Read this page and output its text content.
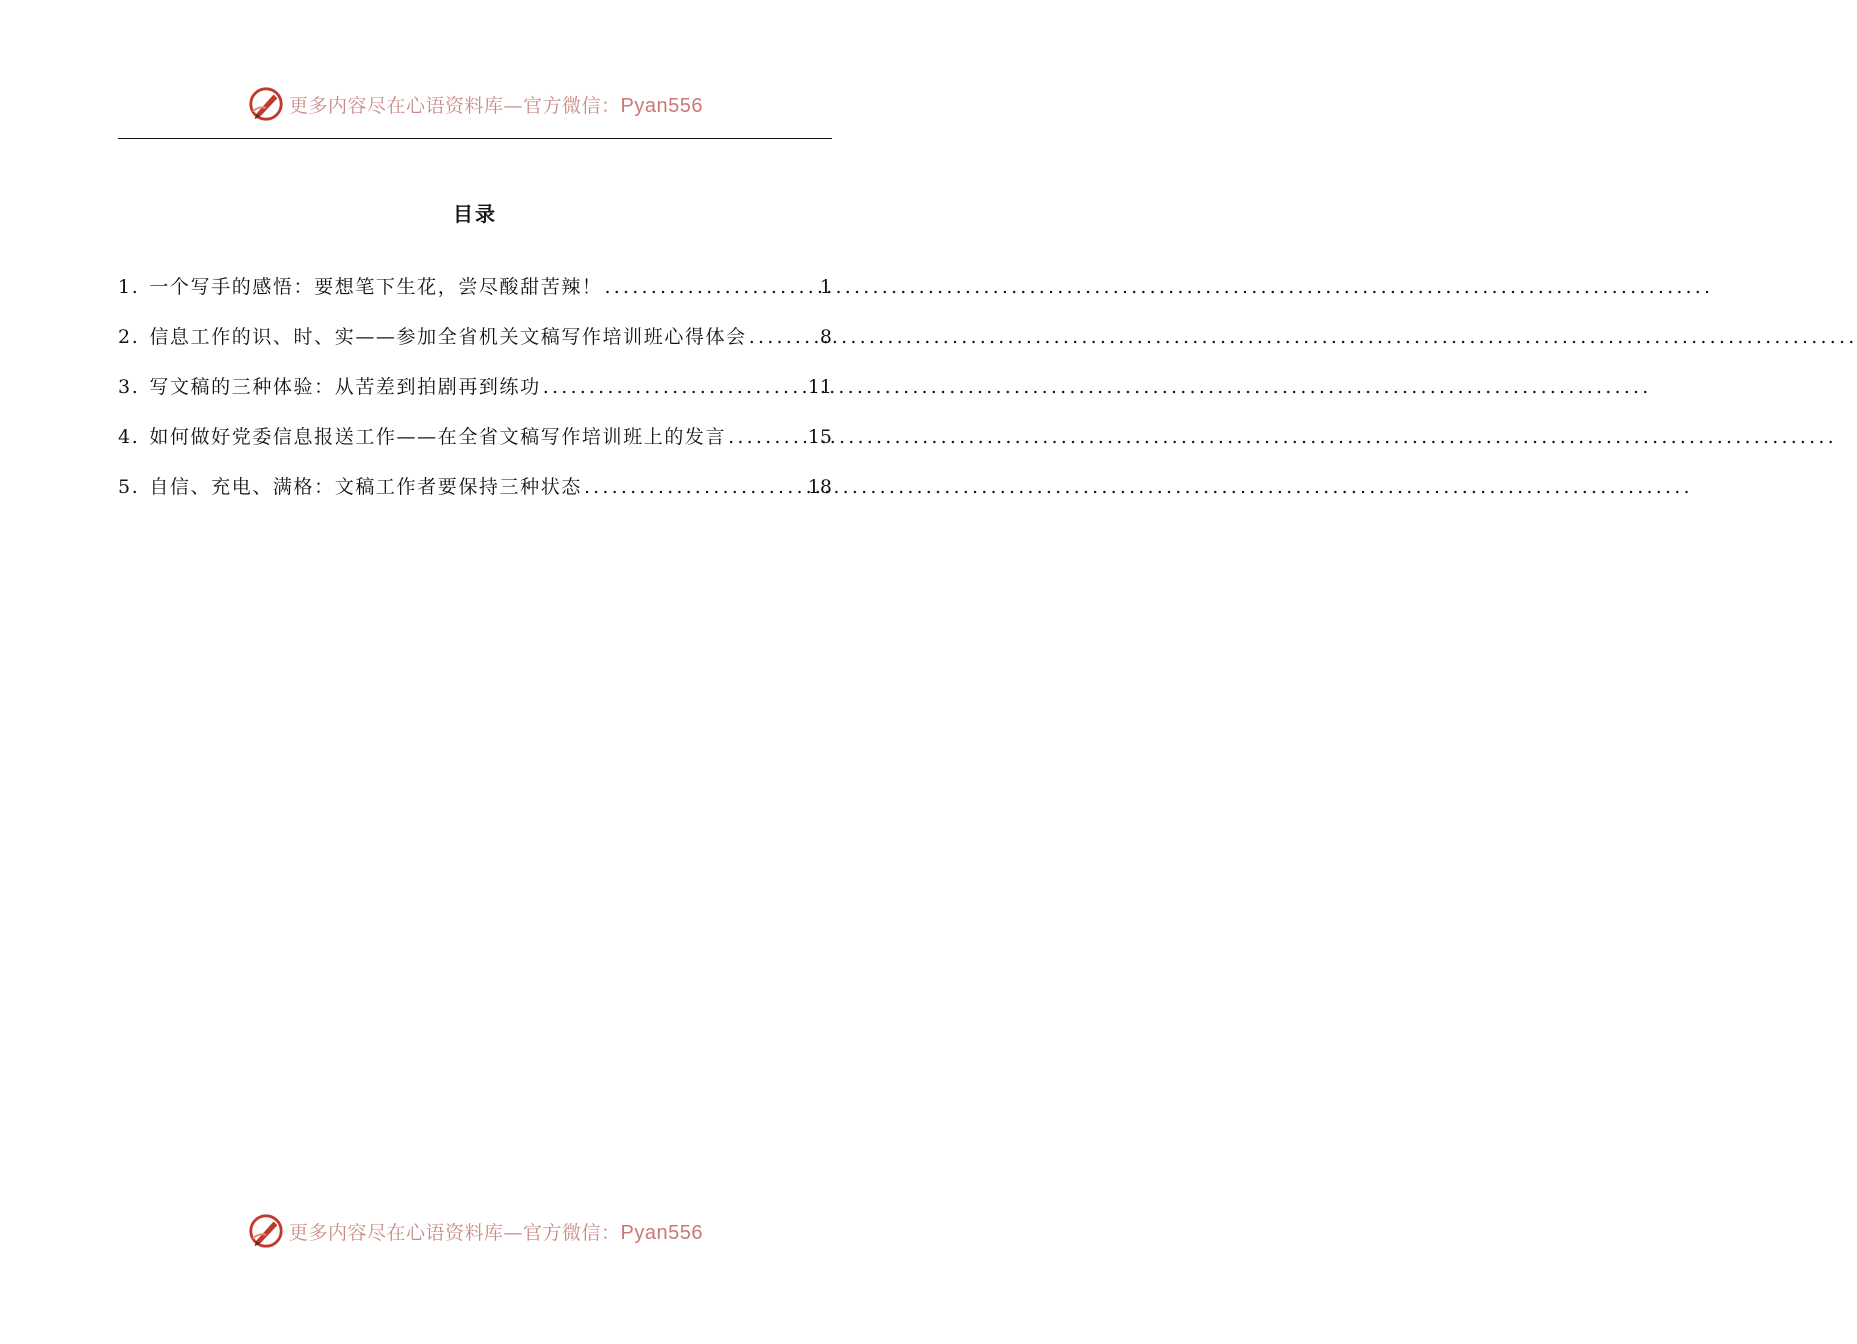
更多内容尽在心语资料库—官方微信：Pyan556
目录
1. 一个写手的感悟：要想笔下生花，尝尽酸甜苦辣！ .....	1
2. 信息工作的识、时、实——参加全省机关文稿写作培训班心得体会 .....	8
3. 写文稿的三种体验：从苦差到拍剧再到练功 .....	11
4. 如何做好党委信息报送工作——在全省文稿写作培训班上的发言 .....	15
5. 自信、充电、满格：文稿工作者要保持三种状态 .....	18
更多内容尽在心语资料库—官方微信：Pyan556
